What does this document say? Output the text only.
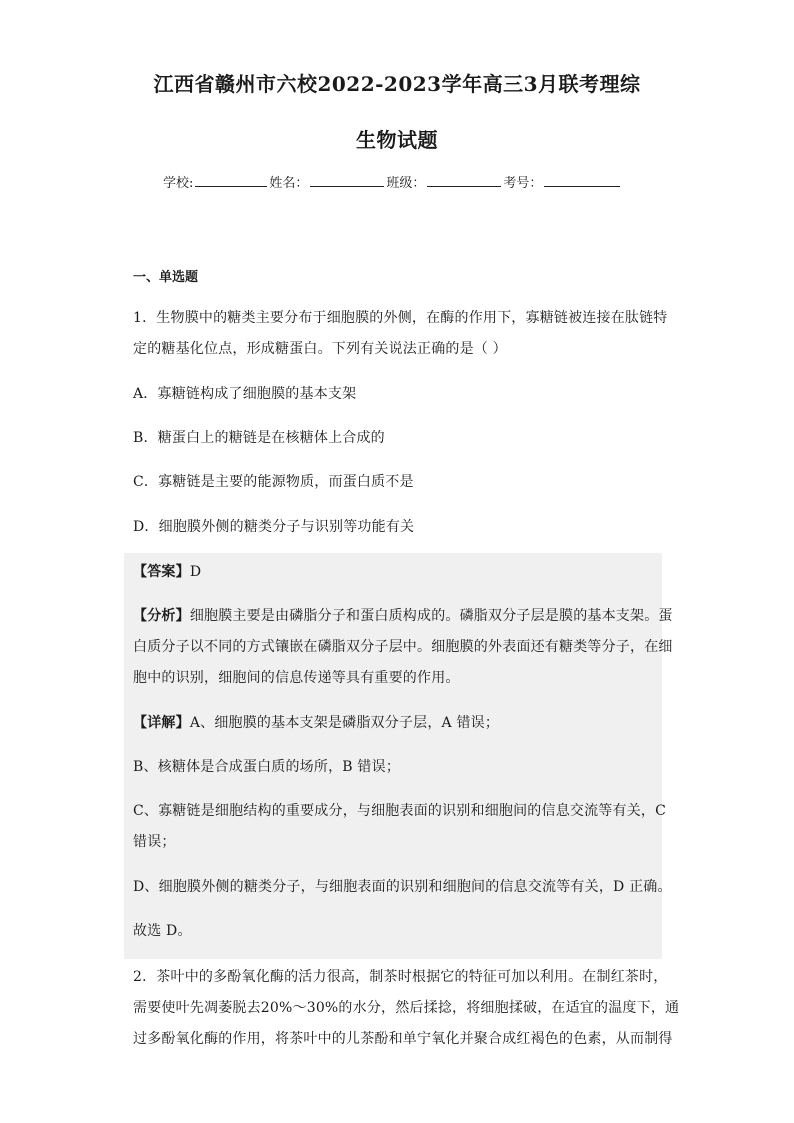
江西省赣州市六校2022-2023学年高三3月联考理综
生物试题
学校:	姓名：	班级：	考号：
一、单选题
1．生物膜中的糖类主要分布于细胞膜的外侧，在酶的作用下，寡糖链被连接在肽链特
定的糖基化位点，形成糖蛋白。下列有关说法正确的是（ ）
A．寡糖链构成了细胞膜的基本支架
B．糖蛋白上的糖链是在核糖体上合成的
C．寡糖链是主要的能源物质，而蛋白质不是
D．细胞膜外侧的糖类分子与识别等功能有关
【答案】D
【分析】细胞膜主要是由磷脂分子和蛋白质构成的。磷脂双分子层是膜的基本支架。蛋
白质分子以不同的方式镶嵌在磷脂双分子层中。细胞膜的外表面还有糖类等分子，在细
胞中的识别，细胞间的信息传递等具有重要的作用。
【详解】A、细胞膜的基本支架是磷脂双分子层，A 错误；
B、核糖体是合成蛋白质的场所，B 错误；
C、寡糖链是细胞结构的重要成分，与细胞表面的识别和细胞间的信息交流等有关，C
错误；
D、细胞膜外侧的糖类分子，与细胞表面的识别和细胞间的信息交流等有关，D 正确。
故选 D。
2．茶叶中的多酚氧化酶的活力很高，制茶时根据它的特征可加以利用。在制红茶时，
需要使叶先凋萎脱去20%～30%的水分，然后揉捻，将细胞揉破，在适宜的温度下，通
过多酚氧化酶的作用，将茶叶中的儿茶酚和单宁氧化并聚合成红褐色的色素，从而制得
